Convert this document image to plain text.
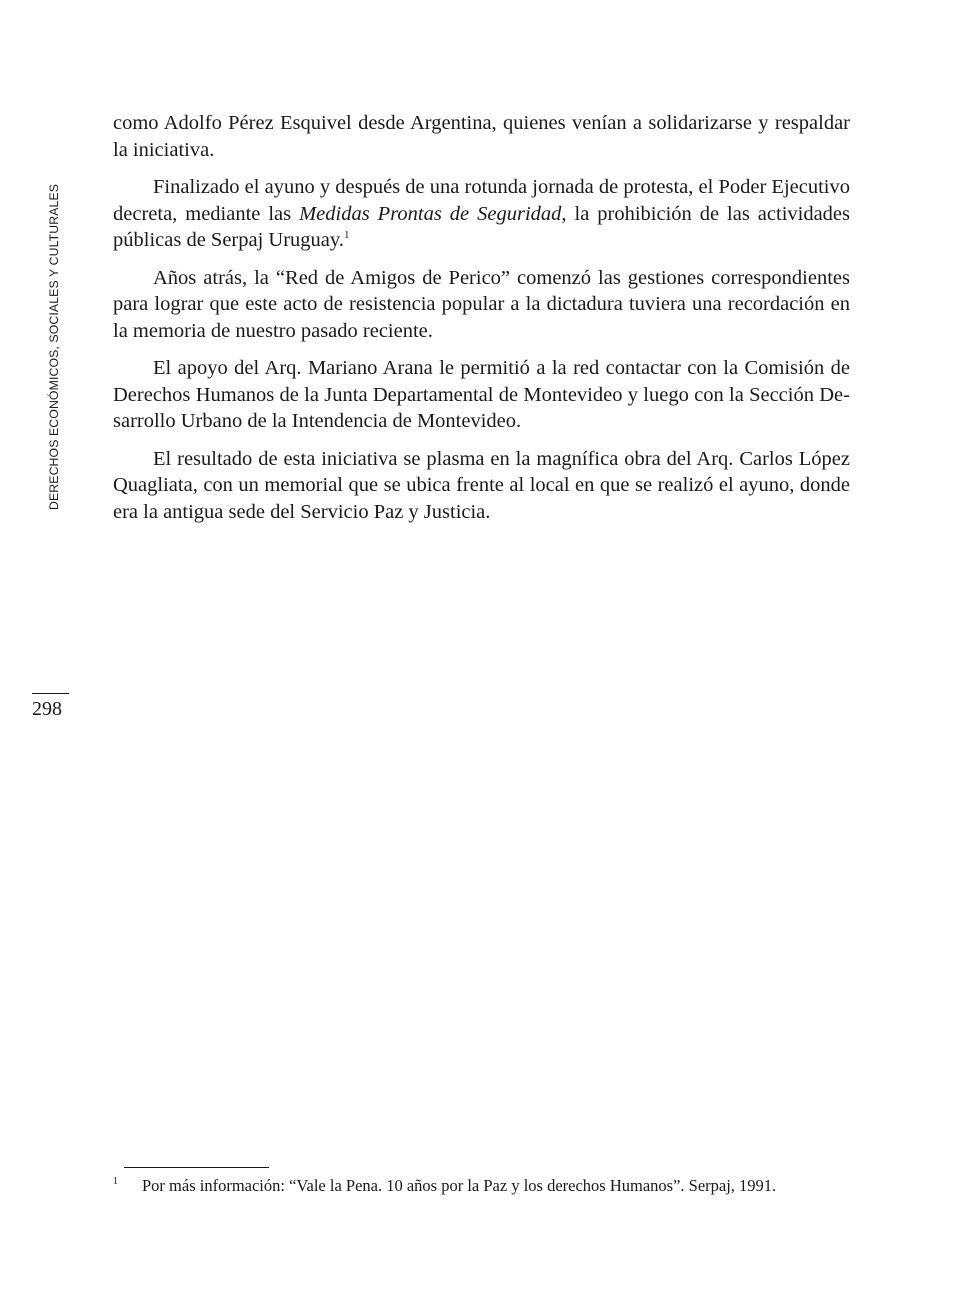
DERECHOS ECONÓMICOS, SOCIALES Y CULTURALES
298

como Adolfo Pérez Esquivel desde Argentina, quienes venían a solidarizarse y respaldar la iniciativa.

Finalizado el ayuno y después de una rotunda jornada de protesta, el Poder Ejecutivo decreta, mediante las Medidas Prontas de Seguridad, la prohibición de las actividades públicas de Serpaj Uruguay.$^1$

Años atrás, la “Red de Amigos de Perico” comenzó las gestiones correspondientes para lograr que este acto de resistencia popular a la dictadura tuviera una recordación en la memoria de nuestro pasado reciente.

El apoyo del Arq. Mariano Arana le permitió a la red contactar con la Comisión de Derechos Humanos de la Junta Departamental de Montevideo y luego con la Sección Desarrollo Urbano de la Intendencia de Montevideo.

El resultado de esta iniciativa se plasma en la magnífica obra del Arq. Carlos López Quagliata, con un memorial que se ubica frente al local en que se realizó el ayuno, donde era la antigua sede del Servicio Paz y Justicia.

1 Por más información: “Vale la Pena. 10 años por la Paz y los derechos Humanos”. Serpaj, 1991.
